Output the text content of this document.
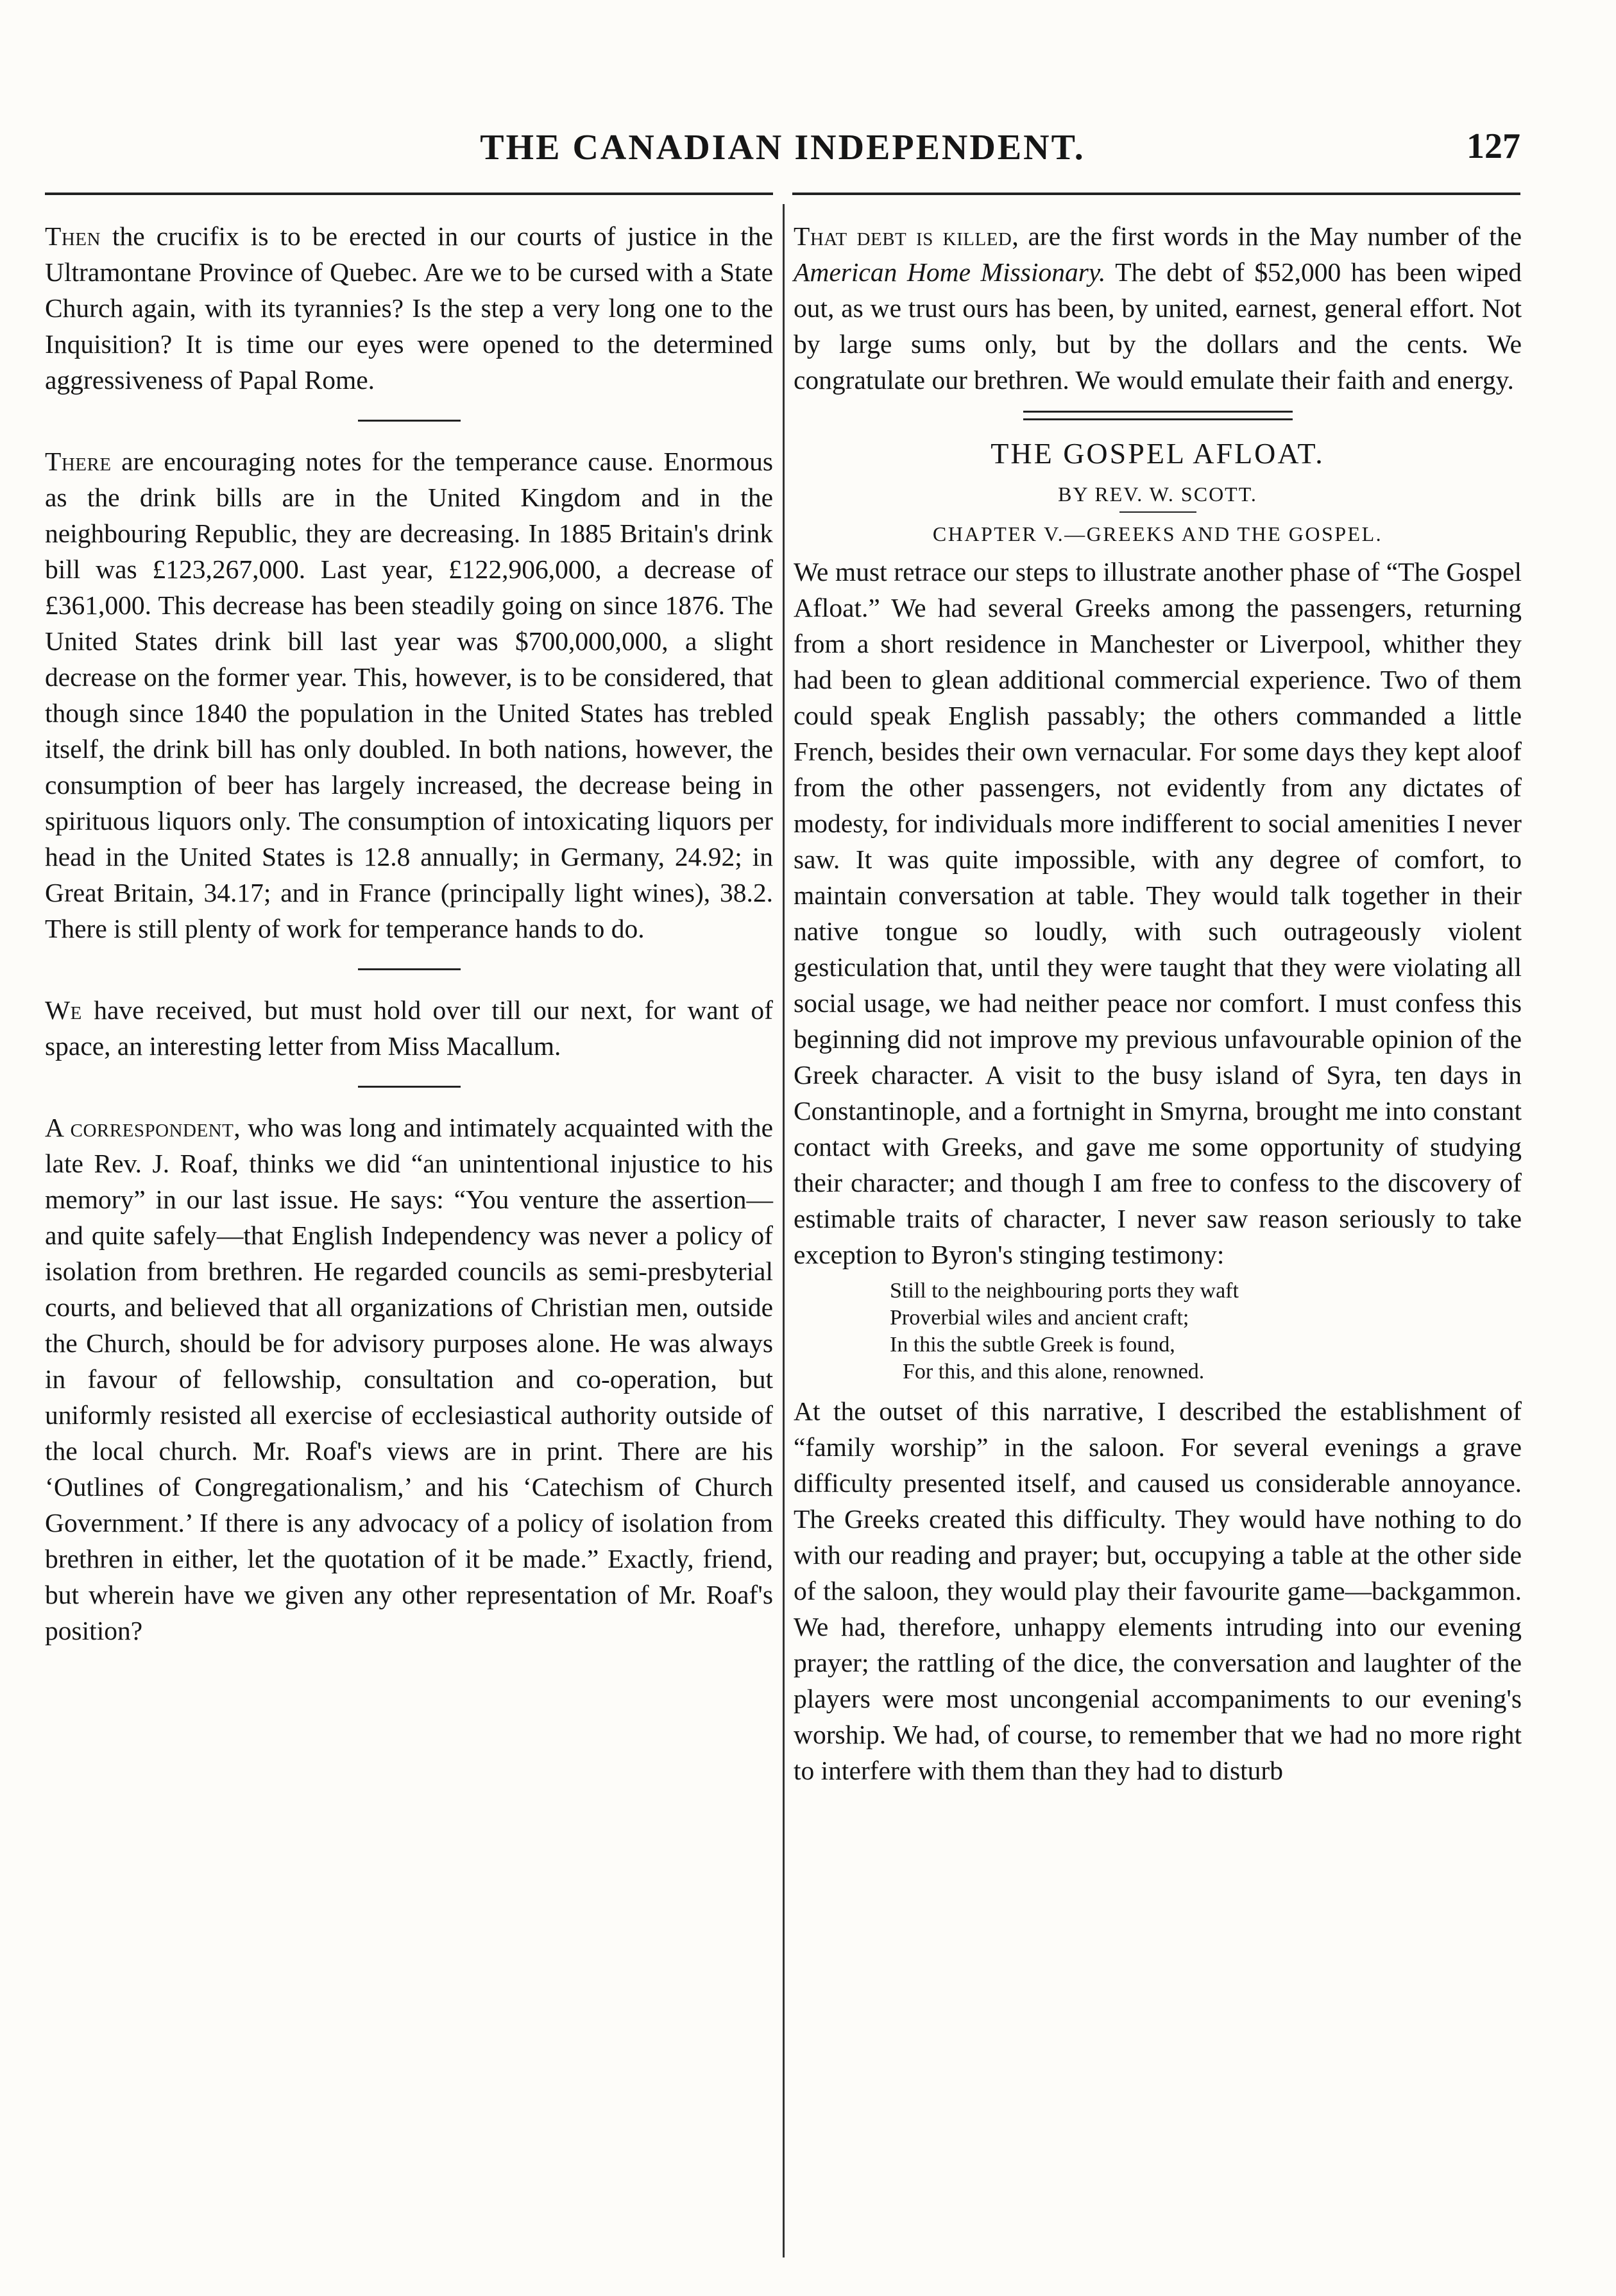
THE CANADIAN INDEPENDENT.	127

Then the crucifix is to be erected in our courts of justice in the Ultramontane Province of Quebec. Are we to be cursed with a State Church again, with its tyrannies? Is the step a very long one to the Inquisition? It is time our eyes were opened to the determined aggressiveness of Papal Rome.

There are encouraging notes for the temperance cause. Enormous as the drink bills are in the United Kingdom and in the neighbouring Republic, they are decreasing. In 1885 Britain's drink bill was £123,267,000. Last year, £122,906,000, a decrease of £361,000. This decrease has been steadily going on since 1876. The United States drink bill last year was $700,000,000, a slight decrease on the former year. This, however, is to be considered, that though since 1840 the population in the United States has trebled itself, the drink bill has only doubled. In both nations, however, the consumption of beer has largely increased, the decrease being in spirituous liquors only. The consumption of intoxicating liquors per head in the United States is 12.8 annually; in Germany, 24.92; in Great Britain, 34.17; and in France (principally light wines), 38.2. There is still plenty of work for temperance hands to do.

We have received, but must hold over till our next, for want of space, an interesting letter from Miss Macallum.

A correspondent, who was long and intimately acquainted with the late Rev. J. Roaf, thinks we did “an unintentional injustice to his memory” in our last issue. He says: “You venture the assertion—and quite safely—that English Independency was never a policy of isolation from brethren. He regarded councils as semi-presbyterial courts, and believed that all organizations of Christian men, outside the Church, should be for advisory purposes alone. He was always in favour of fellowship, consultation and co-operation, but uniformly resisted all exercise of ecclesiastical authority outside of the local church. Mr. Roaf's views are in print. There are his ‘Outlines of Congregationalism,’ and his ‘Catechism of Church Government.’ If there is any advocacy of a policy of isolation from brethren in either, let the quotation of it be made.” Exactly, friend, but wherein have we given any other representation of Mr. Roaf's position?

That debt is killed, are the first words in the May number of the American Home Missionary. The debt of $52,000 has been wiped out, as we trust ours has been, by united, earnest, general effort. Not by large sums only, but by the dollars and the cents. We congratulate our brethren. We would emulate their faith and energy.

THE GOSPEL AFLOAT.
BY REV. W. SCOTT.
CHAPTER V.—GREEKS AND THE GOSPEL.

We must retrace our steps to illustrate another phase of “The Gospel Afloat.” We had several Greeks among the passengers, returning from a short residence in Manchester or Liverpool, whither they had been to glean additional commercial experience. Two of them could speak English passably; the others commanded a little French, besides their own vernacular. For some days they kept aloof from the other passengers, not evidently from any dictates of modesty, for individuals more indifferent to social amenities I never saw. It was quite impossible, with any degree of comfort, to maintain conversation at table. They would talk together in their native tongue so loudly, with such outrageously violent gesticulation that, until they were taught that they were violating all social usage, we had neither peace nor comfort. I must confess this beginning did not improve my previous unfavourable opinion of the Greek character. A visit to the busy island of Syra, ten days in Constantinople, and a fortnight in Smyrna, brought me into constant contact with Greeks, and gave me some opportunity of studying their character; and though I am free to confess to the discovery of estimable traits of character, I never saw reason seriously to take exception to Byron's stinging testimony:

Still to the neighbouring ports they waft
Proverbial wiles and ancient craft;
In this the subtle Greek is found,
For this, and this alone, renowned.

At the outset of this narrative, I described the establishment of “family worship” in the saloon. For several evenings a grave difficulty presented itself, and caused us considerable annoyance. The Greeks created this difficulty. They would have nothing to do with our reading and prayer; but, occupying a table at the other side of the saloon, they would play their favourite game—backgammon. We had, therefore, unhappy elements intruding into our evening prayer; the rattling of the dice, the conversation and laughter of the players were most uncongenial accompaniments to our evening's worship. We had, of course, to remember that we had no more right to interfere with them than they had to disturb
